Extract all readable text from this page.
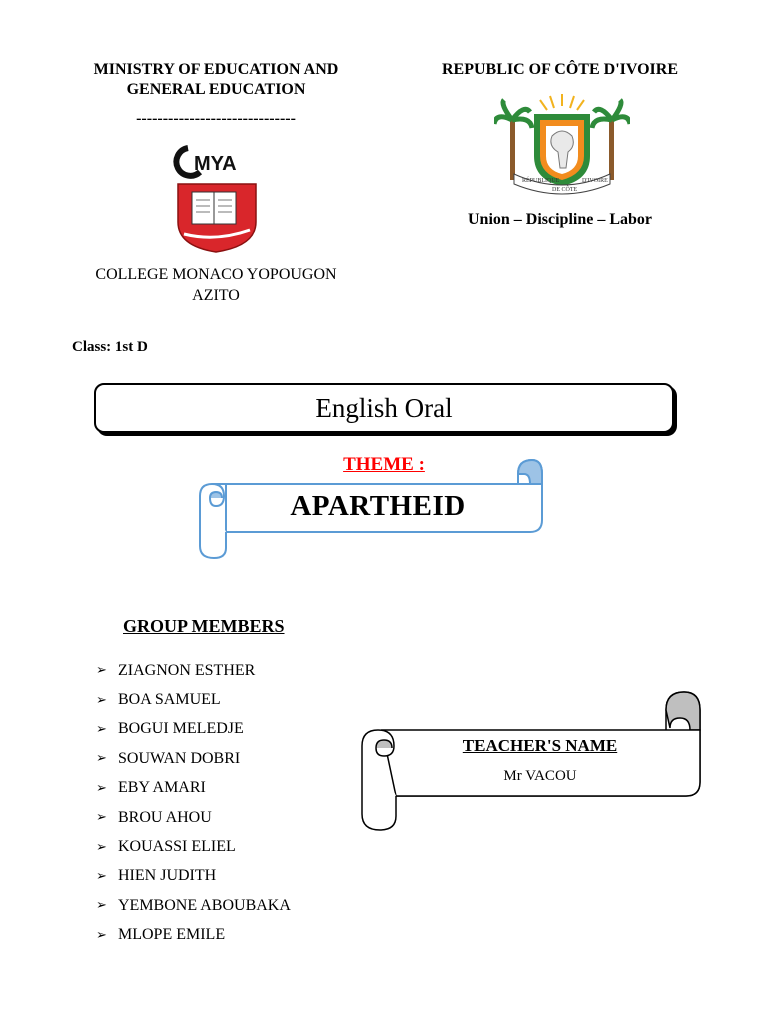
MINISTRY OF EDUCATION AND
GENERAL EDUCATION
------------------------------
MYA
REPUBLIC OF CÔTE D'IVOIRE
RÉPUBLIQUE
DE CÔTE
D'IVOIRE
Union – Discipline – Labor
COLLEGE MONACO YOPOUGON
AZITO
Class: 1st D
English Oral
THEME :
APARTHEID
GROUP MEMBERS
➢ ZIAGNON ESTHER
➢ BOA SAMUEL
➢ BOGUI MELEDJE
➢ SOUWAN DOBRI
➢ EBY AMARI
➢ BROU AHOU
➢ KOUASSI ELIEL
➢ HIEN JUDITH
➢ YEMBONE ABOUBAKA
➢ MLOPE EMILE
TEACHER'S NAME
Mr VACOU
